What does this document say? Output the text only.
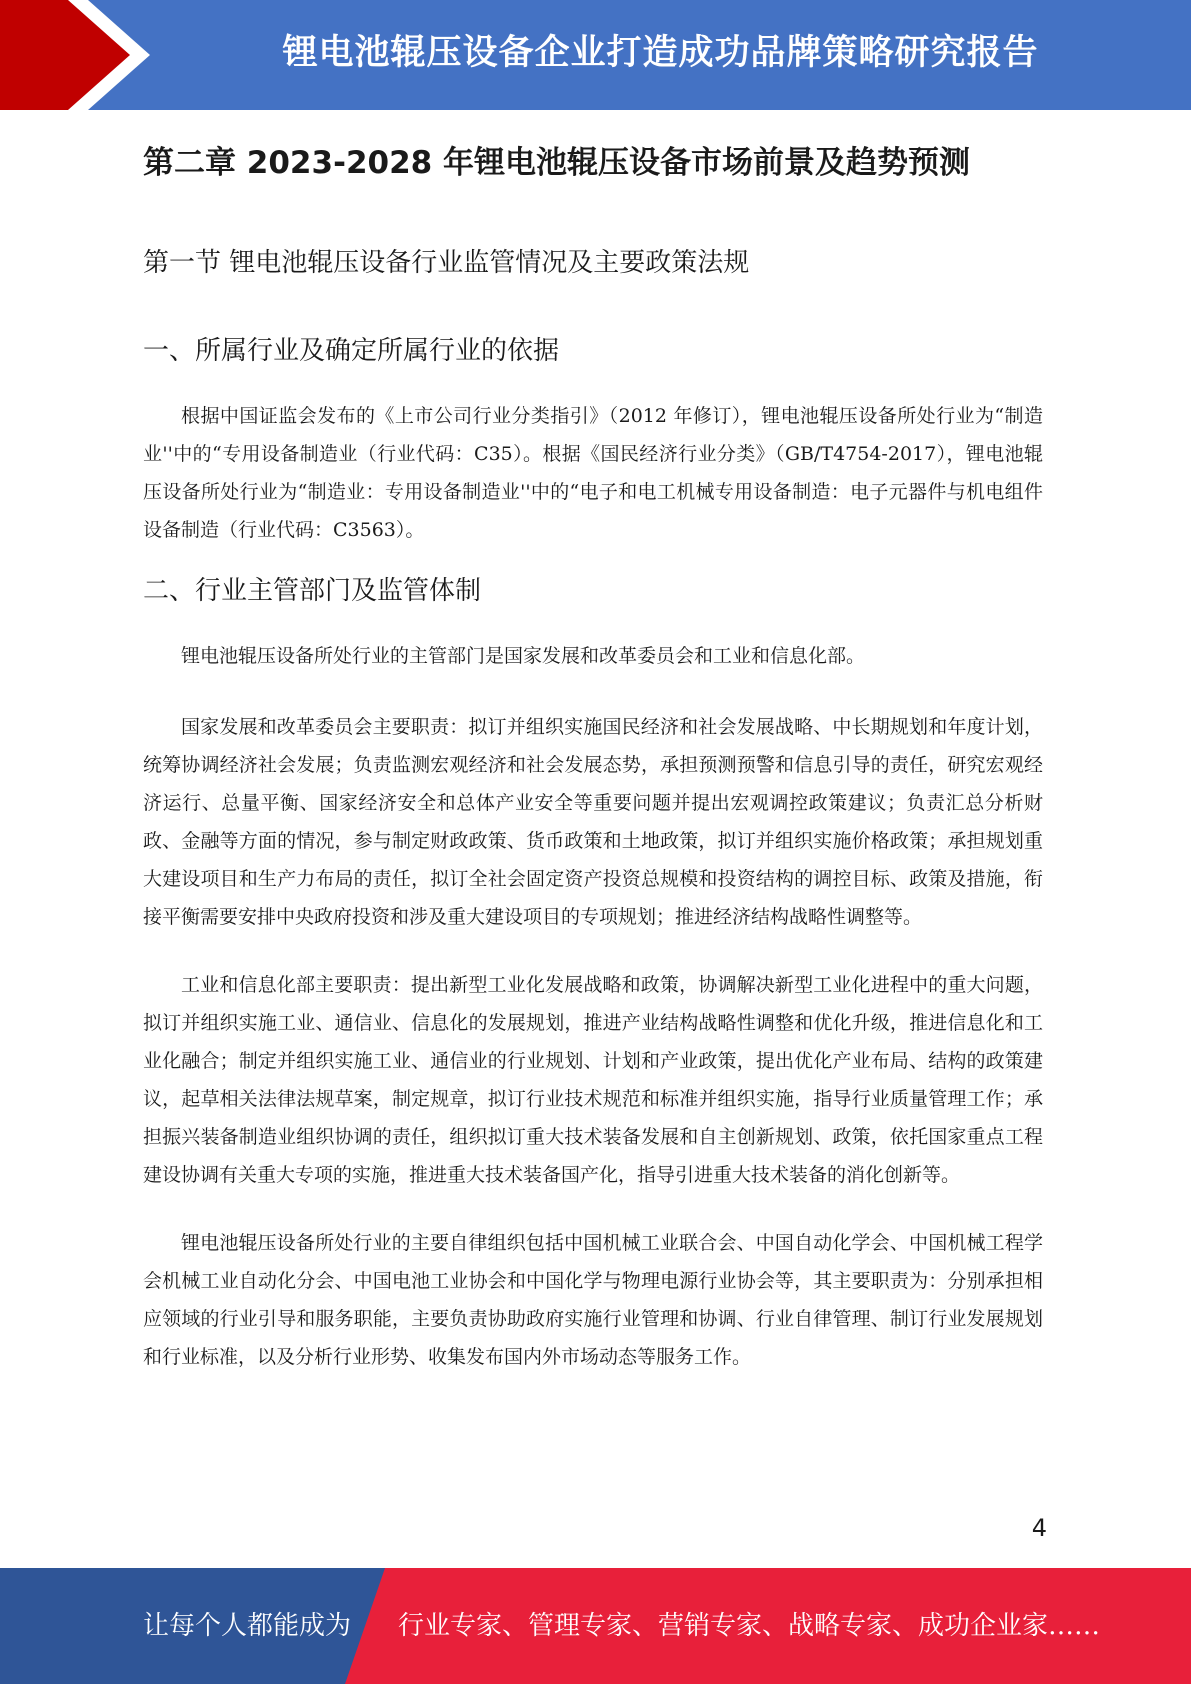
锂电池辊压设备企业打造成功品牌策略研究报告
第二章 2023-2028 年锂电池辊压设备市场前景及趋势预测
第一节 锂电池辊压设备行业监管情况及主要政策法规
一、所属行业及确定所属行业的依据

根据中国证监会发布的《上市公司行业分类指引》（2012 年修订），锂电池辊压设备所处行业为“制造业''中的“专用设备制造业（行业代码：C35）。根据《国民经济行业分类》（GB/T4754-2017），锂电池辊压设备所处行业为“制造业：专用设备制造业''中的“电子和电工机械专用设备制造：电子元器件与机电组件设备制造（行业代码：C3563）。

二、行业主管部门及监管体制

锂电池辊压设备所处行业的主管部门是国家发展和改革委员会和工业和信息化部。

国家发展和改革委员会主要职责：拟订并组织实施国民经济和社会发展战略、中长期规划和年度计划，统筹协调经济社会发展；负责监测宏观经济和社会发展态势，承担预测预警和信息引导的责任，研究宏观经济运行、总量平衡、国家经济安全和总体产业安全等重要问题并提出宏观调控政策建议；负责汇总分析财政、金融等方面的情况，参与制定财政政策、货币政策和土地政策，拟订并组织实施价格政策；承担规划重大建设项目和生产力布局的责任，拟订全社会固定资产投资总规模和投资结构的调控目标、政策及措施，衔接平衡需要安排中央政府投资和涉及重大建设项目的专项规划；推进经济结构战略性调整等。

工业和信息化部主要职责：提出新型工业化发展战略和政策，协调解决新型工业化进程中的重大问题，拟订并组织实施工业、通信业、信息化的发展规划，推进产业结构战略性调整和优化升级，推进信息化和工业化融合；制定并组织实施工业、通信业的行业规划、计划和产业政策，提出优化产业布局、结构的政策建议，起草相关法律法规草案，制定规章，拟订行业技术规范和标准并组织实施，指导行业质量管理工作；承担振兴装备制造业组织协调的责任，组织拟订重大技术装备发展和自主创新规划、政策，依托国家重点工程建设协调有关重大专项的实施，推进重大技术装备国产化，指导引进重大技术装备的消化创新等。

锂电池辊压设备所处行业的主要自律组织包括中国机械工业联合会、中国自动化学会、中国机械工程学会机械工业自动化分会、中国电池工业协会和中国化学与物理电源行业协会等，其主要职责为：分别承担相应领域的行业引导和服务职能，主要负责协助政府实施行业管理和协调、行业自律管理、制订行业发展规划和行业标准，以及分析行业形势、收集发布国内外市场动态等服务工作。

4
让每个人都能成为 行业专家、管理专家、营销专家、战略专家、成功企业家……
